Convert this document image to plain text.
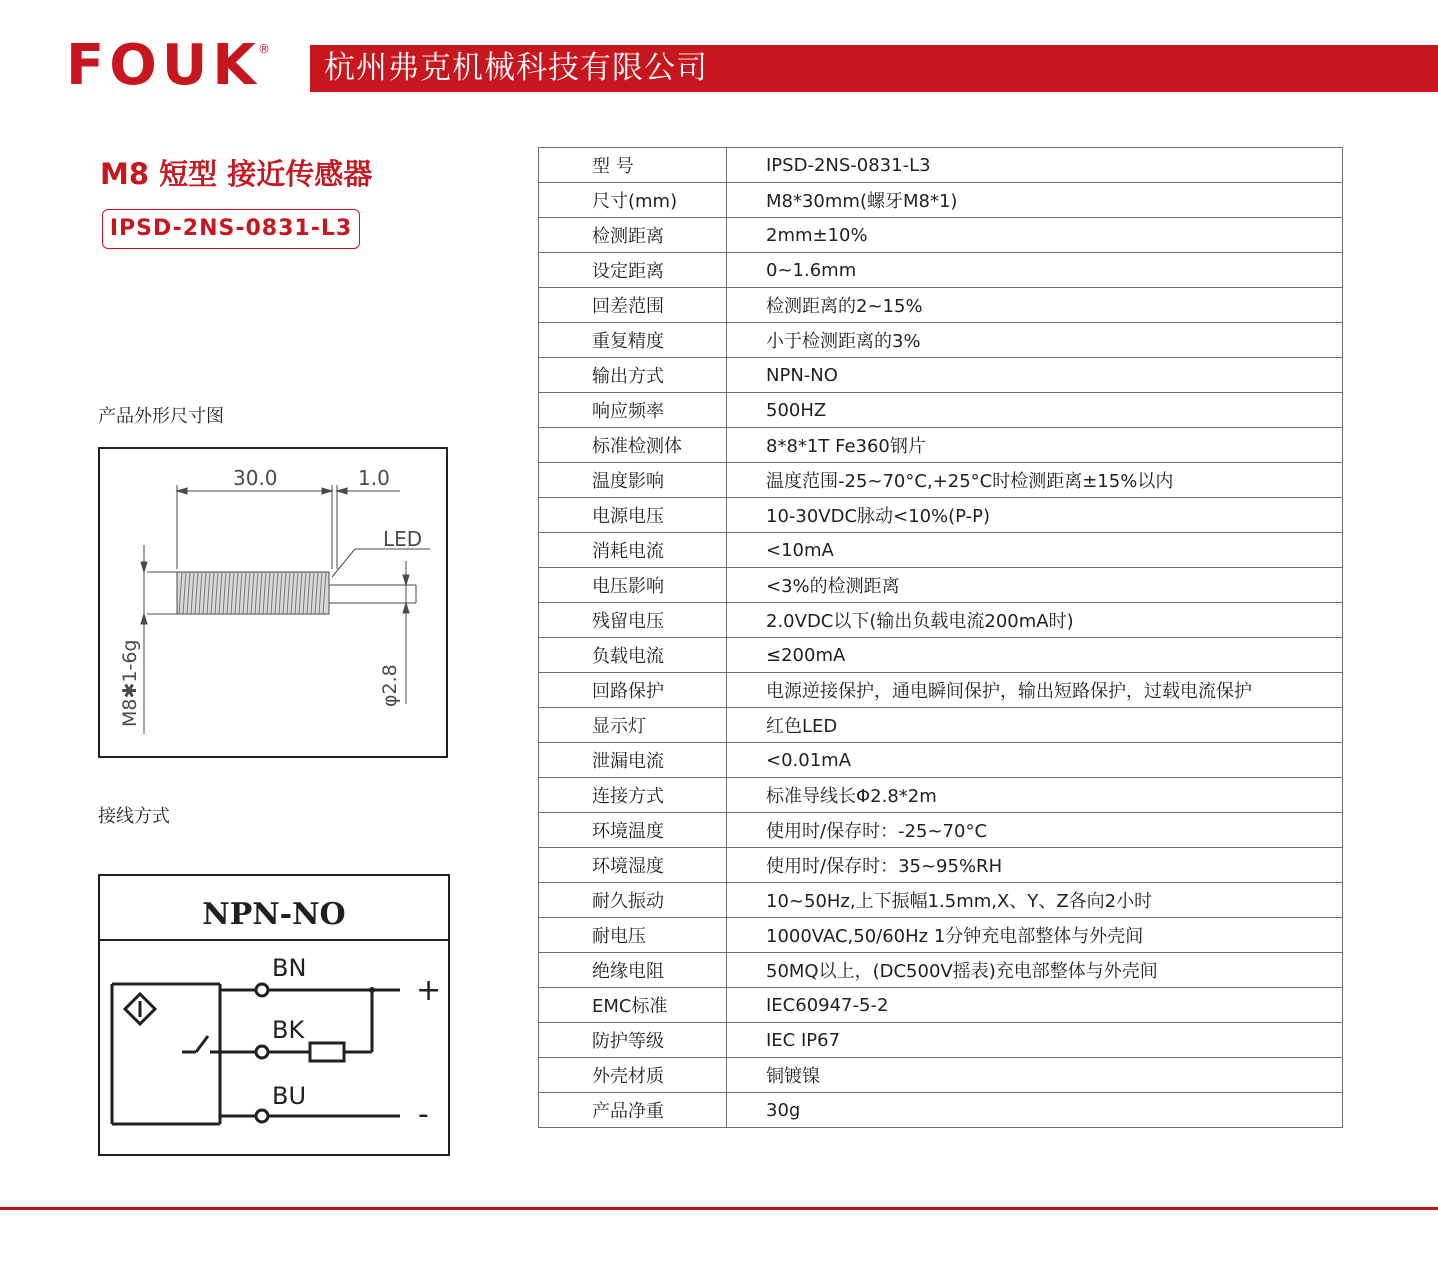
FOUK
®
杭州弗克机械科技有限公司
M8 短型 接近传感器
IPSD-2NS-0831-L3
产品外形尺寸图
30.0	1.0
LED
M8✱1-6g	φ2.8
接线方式
NPN-NO
BN
BK
BU
+
-
型 号	IPSD-2NS-0831-L3
尺寸(mm)	M8*30mm(螺牙M8*1)
检测距离	2mm±10%
设定距离	0~1.6mm
回差范围	检测距离的2~15%
重复精度	小于检测距离的3%
输出方式	NPN-NO
响应频率	500HZ
标准检测体	8*8*1T Fe360钢片
温度影响	温度范围-25~70°C,+25°C时检测距离±15%以内
电源电压	10-30VDC脉动<10%(P-P)
消耗电流	<10mA
电压影响	<3%的检测距离
残留电压	2.0VDC以下(输出负载电流200mA时)
负载电流	≤200mA
回路保护	电源逆接保护，通电瞬间保护，输出短路保护，过载电流保护
显示灯	红色LED
泄漏电流	<0.01mA
连接方式	标准导线长Φ2.8*2m
环境温度	使用时/保存时：-25~70°C
环境湿度	使用时/保存时：35~95%RH
耐久振动	10~50Hz,上下振幅1.5mm,X、Y、Z各向2小时
耐电压	1000VAC,50/60Hz 1分钟充电部整体与外壳间
绝缘电阻	50MQ以上，(DC500V摇表)充电部整体与外壳间
EMC标准	IEC60947-5-2
防护等级	IEC IP67
外壳材质	铜镀镍
产品净重	30g
